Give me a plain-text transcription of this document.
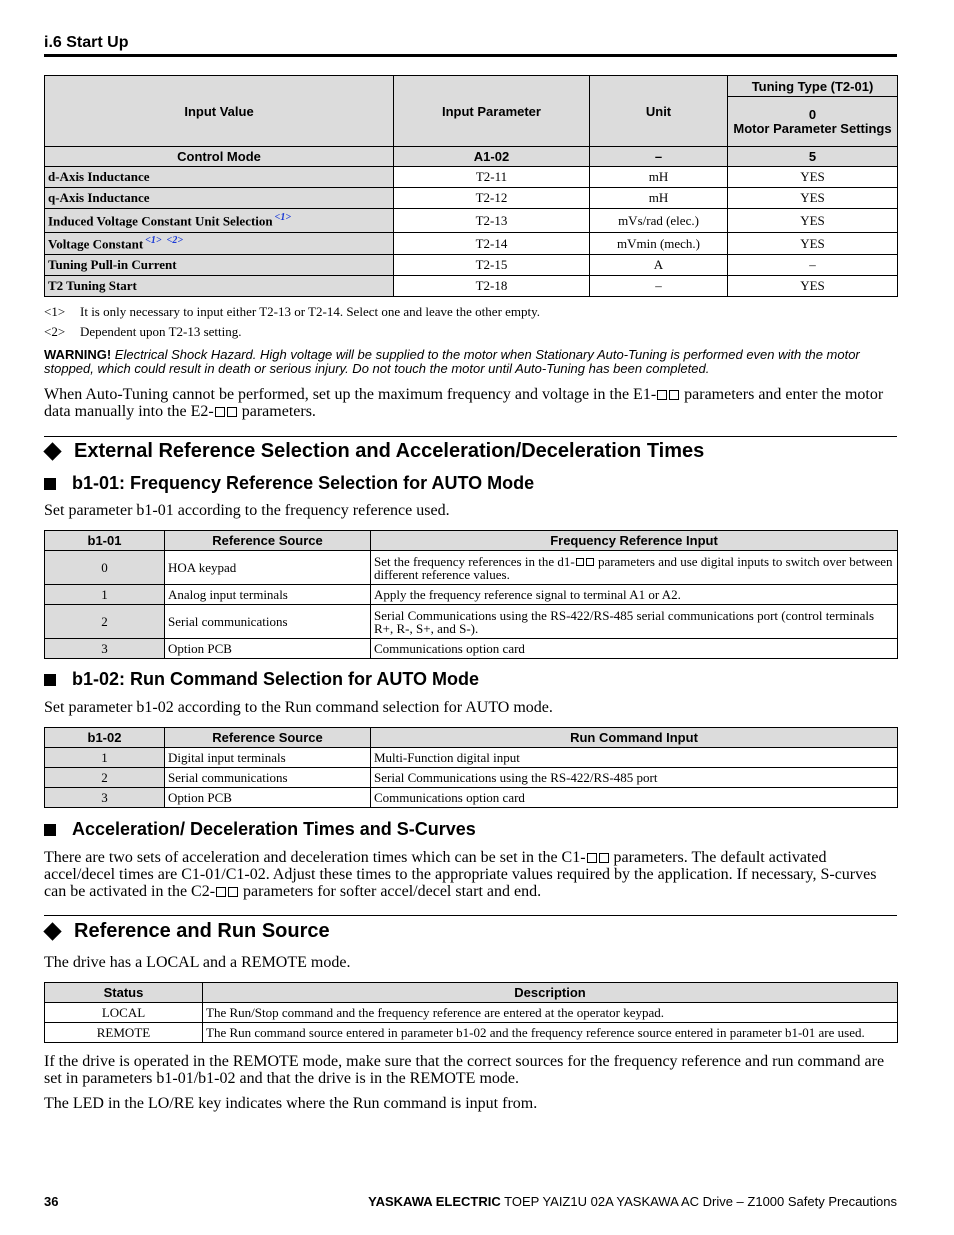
i.6 Start Up
Input Value	Input Parameter	Unit	Tuning Type (T2-01)

			0
Motor Parameter Settings

Control Mode	A1-02	–	5
d-Axis Inductance	T2-11	mH	YES
q-Axis Inductance	T2-12	mH	YES
Induced Voltage Constant Unit Selection $^{<1>}$	T2-13	mVs/rad (elec.)	YES
Voltage Constant $^{<1> <2>}$	T2-14	mVmin (mech.)	YES
Tuning Pull-in Current	T2-15	A	–
T2 Tuning Start	T2-18	–	YES
<1> It is only necessary to input either T2-13 or T2-14. Select one and leave the other empty.
<2> Dependent upon T2-13 setting.
WARNING! Electrical Shock Hazard. High voltage will be supplied to the motor when Stationary Auto-Tuning is performed even with the motor stopped, which could result in death or serious injury. Do not touch the motor until Auto-Tuning has been completed.
When Auto-Tuning cannot be performed, set up the maximum frequency and voltage in the E1- parameters and enter the motor data manually into the E2- parameters.
External Reference Selection and Acceleration/Deceleration Times
b1-01: Frequency Reference Selection for AUTO Mode
Set parameter b1-01 according to the frequency reference used.
b1-01	Reference Source	Frequency Reference Input
0	HOA keypad	Set the frequency references in the d1- parameters and use digital inputs to switch over between different reference values.
1	Analog input terminals	Apply the frequency reference signal to terminal A1 or A2.
2	Serial communications	Serial Communications using the RS-422/RS-485 serial communications port (control terminals R+, R-, S+, and S-).
3	Option PCB	Communications option card
b1-02: Run Command Selection for AUTO Mode
Set parameter b1-02 according to the Run command selection for AUTO mode.
b1-02	Reference Source	Run Command Input
1	Digital input terminals	Multi-Function digital input
2	Serial communications	Serial Communications using the RS-422/RS-485 port
3	Option PCB	Communications option card
Acceleration/ Deceleration Times and S-Curves
There are two sets of acceleration and deceleration times which can be set in the C1- parameters. The default activated accel/decel times are C1-01/C1-02. Adjust these times to the appropriate values required by the application. If necessary, S-curves can be activated in the C2- parameters for softer accel/decel start and end.
Reference and Run Source
The drive has a LOCAL and a REMOTE mode.
Status	Description
LOCAL	The Run/Stop command and the frequency reference are entered at the operator keypad.
REMOTE	The Run command source entered in parameter b1-02 and the frequency reference source entered in parameter b1-01 are used.
If the drive is operated in the REMOTE mode, make sure that the correct sources for the frequency reference and run command are set in parameters b1-01/b1-02 and that the drive is in the REMOTE mode.
The LED in the LO/RE key indicates where the Run command is input from.
36	YASKAWA ELECTRIC TOEP YAIZ1U 02A YASKAWA AC Drive – Z1000 Safety Precautions
